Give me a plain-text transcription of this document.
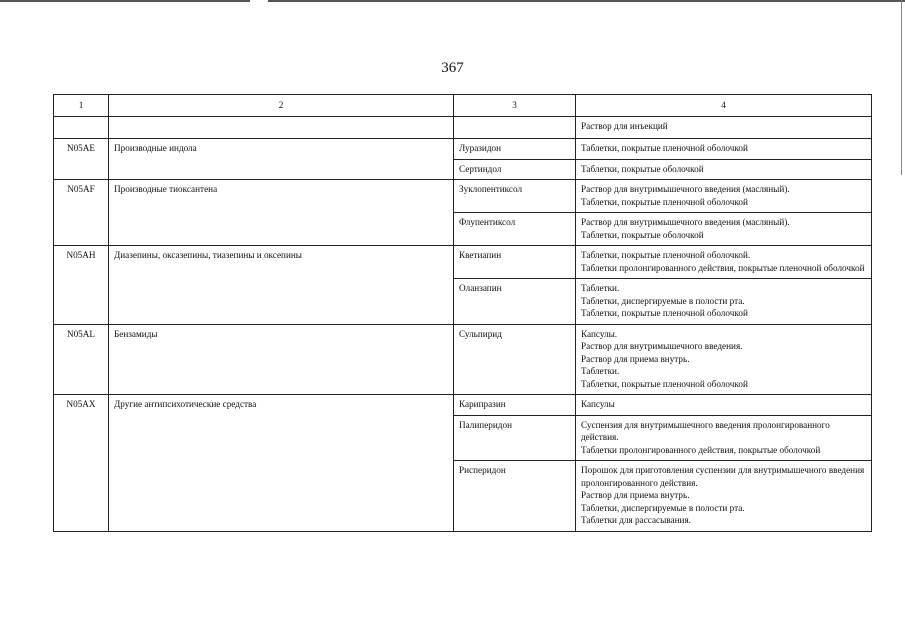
367
1	2	3	4

			Раствор для инъекций

N05AE	Производные индола	Луразидон	Таблетки, покрытые пленочной оболочкой

		Сертиндол	Таблетки, покрытые оболочкой

N05AF	Производные тиоксантена	Зуклопентиксол	Раствор для внутримышечного введения (масляный).
Таблетки, покрытые пленочной оболочкой

		Флупентиксол	Раствор для внутримышечного введения (масляный).
Таблетки, покрытые оболочкой

N05AH	Диазепины, оксазепины, тиазепины и оксепины	Кветиапин	Таблетки, покрытые пленочной оболочкой.
Таблетки пролонгированного действия, покрытые пленочной оболочкой

		Оланзапин	Таблетки.
Таблетки, диспергируемые в полости рта.
Таблетки, покрытые пленочной оболочкой

N05AL	Бензамиды	Сульпирид	Капсулы.
Раствор для внутримышечного введения.
Раствор для приема внутрь.
Таблетки.
Таблетки, покрытые пленочной оболочкой

N05AX	Другие антипсихотические средства	Карипразин	Капсулы

		Палиперидон	Суспензия для внутримышечного введения пролонгированного действия.
Таблетки пролонгированного действия, покрытые оболочкой

		Рисперидон	Порошок для приготовления суспензии для внутримышечного введения пролонгированного действия.
Раствор для приема внутрь.
Таблетки, диспергируемые в полости рта.
Таблетки для рассасывания.
